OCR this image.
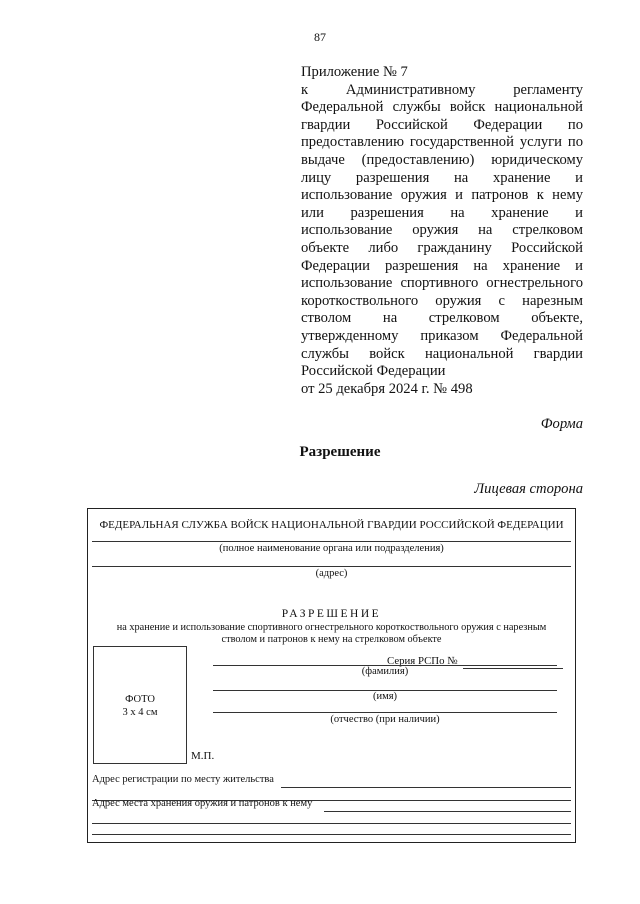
87
Приложение № 7
к Административному регламенту Федеральной службы войск национальной гвардии Российской Федерации по предоставлению государственной услуги по выдаче (предоставлению) юридическому лицу разрешения на хранение и использование оружия и патронов к нему или разрешения на хранение и использование оружия на стрелковом объекте либо гражданину Российской Федерации разрешения на хранение и использование спортивного огнестрельного короткоствольного оружия с нарезным стволом на стрелковом объекте, утвержденному приказом Федеральной службы войск национальной гвардии Российской Федерации
от 25 декабря 2024 г. № 498
Форма
Разрешение
Лицевая сторона
ФЕДЕРАЛЬНАЯ СЛУЖБА ВОЙСК НАЦИОНАЛЬНОЙ ГВАРДИИ РОССИЙСКОЙ ФЕДЕРАЦИИ
(полное наименование органа или подразделения)
(адрес)
РАЗРЕШЕНИЕ
на хранение и использование спортивного огнестрельного короткоствольного оружия с нарезным стволом и патронов к нему на стрелковом объекте
Серия РСПо №
ФОТО
3 х 4 см
(фамилия)
(имя)
(отчество (при наличии)
М.П.
Адрес регистрации по месту жительства
Адрес места хранения оружия и патронов к нему
